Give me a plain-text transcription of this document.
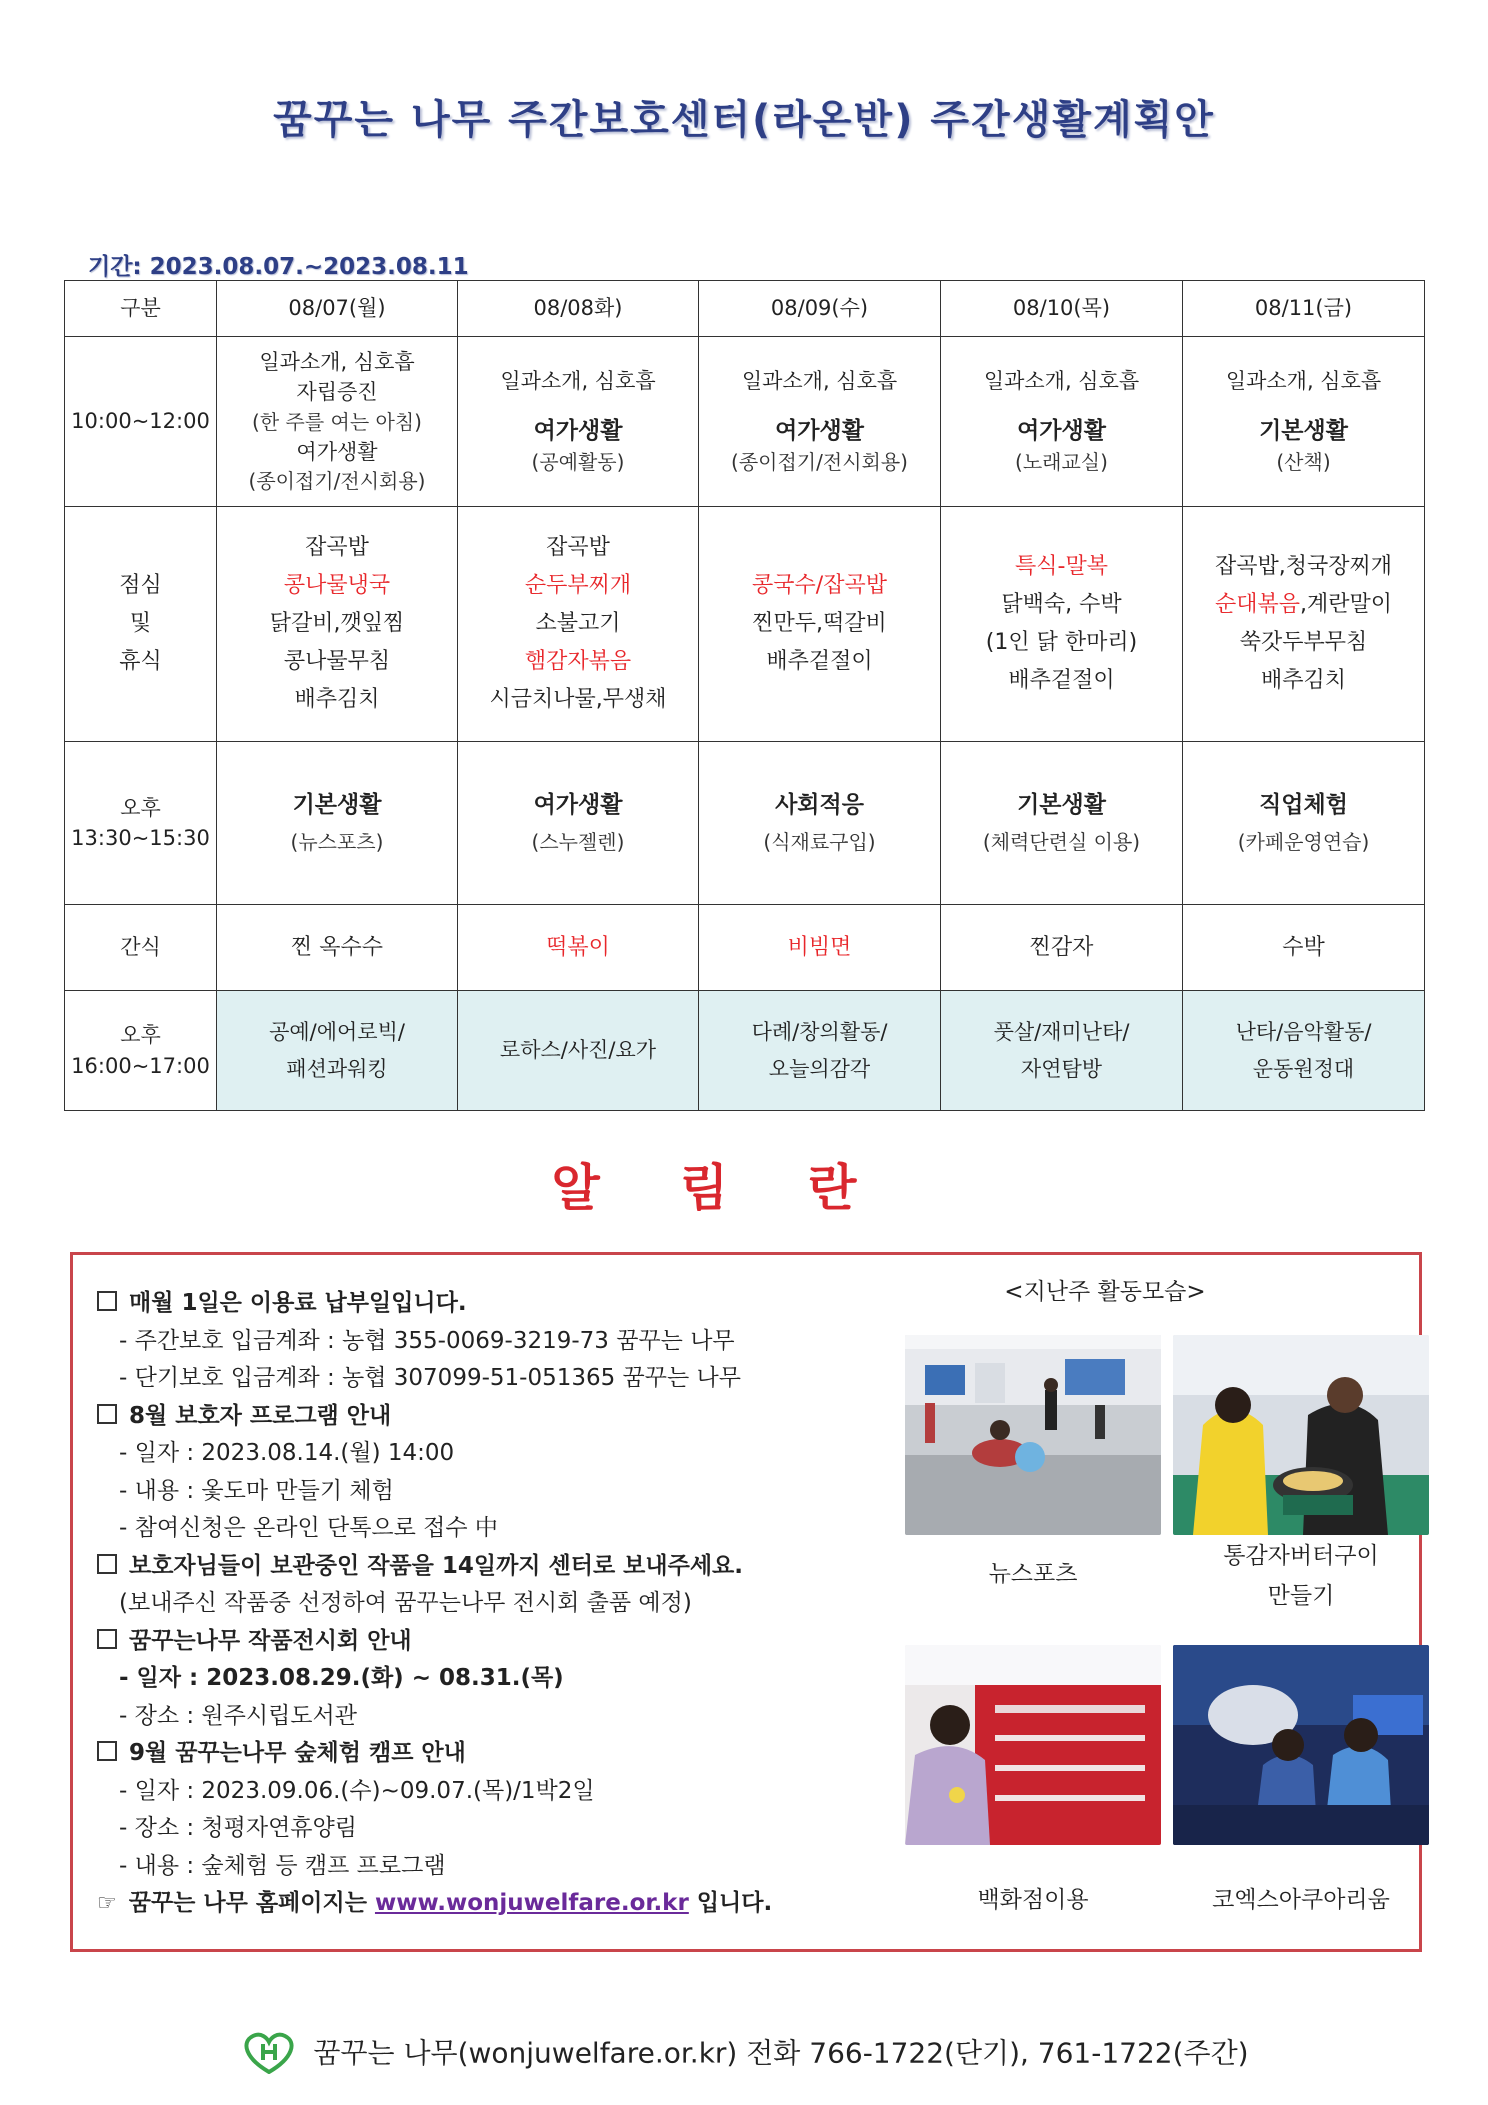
꿈꾸는 나무 주간보호센터(라온반) 주간생활계획안
기간: 2023.08.07.~2023.08.11
구분	08/07(월)	08/08화)	08/09(수)	08/10(목)	08/11(금)
10:00~12:00	일과소개, 심호흡
자립증진
(한 주를 여는 아침)
여가생활
(종이접기/전시회용)	일과소개, 심호흡
여가생활
(공예활동)	일과소개, 심호흡
여가생활
(종이접기/전시회용)	일과소개, 심호흡
여가생활
(노래교실)	일과소개, 심호흡
기본생활
(산책)

점심
및
휴식	잡곡밥
콩나물냉국
닭갈비,깻잎찜
콩나물무침
배추김치	잡곡밥
순두부찌개
소불고기
햄감자볶음
시금치나물,무생채	콩국수/잡곡밥
찐만두,떡갈비
배추겉절이	특식-말복
닭백숙, 수박
(1인 닭 한마리)
배추겉절이	잡곡밥,청국장찌개
순대볶음,계란말이
쑥갓두부무침
배추김치

오후
13:30~15:30	기본생활
(뉴스포츠)	여가생활
(스누젤렌)	사회적응
(식재료구입)	기본생활
(체력단련실 이용)	직업체험
(카페운영연습)

간식	찐 옥수수	떡볶이	비빔면	찐감자	수박

오후
16:00~17:00	공예/에어로빅/
패션과워킹	로하스/사진/요가	다례/창의활동/
오늘의감각	풋살/재미난타/
자연탐방	난타/음악활동/
운동원정대
알림란
매월 1일은 이용료 납부일입니다.
- 주간보호 입금계좌 : 농협 355-0069-3219-73 꿈꾸는 나무
- 단기보호 입금계좌 : 농협 307099-51-051365 꿈꾸는 나무
8월 보호자 프로그램 안내
- 일자 : 2023.08.14.(월) 14:00
- 내용 : 옻도마 만들기 체험
- 참여신청은 온라인 단톡으로 접수 中
보호자님들이 보관중인 작품을 14일까지 센터로 보내주세요.
(보내주신 작품중 선정하여 꿈꾸는나무 전시회 출품 예정)
꿈꾸는나무 작품전시회 안내
- 일자 : 2023.08.29.(화) ~ 08.31.(목)
- 장소 : 원주시립도서관
9월 꿈꾸는나무 숲체험 캠프 안내
- 일자 : 2023.09.06.(수)~09.07.(목)/1박2일
- 장소 : 청평자연휴양림
- 내용 : 숲체험 등 캠프 프로그램
☞ 꿈꾸는 나무 홈페이지는 www.wonjuwelfare.or.kr 입니다.
<지난주 활동모습>
뉴스포츠
통감자버터구이
만들기
백화점이용	코엑스아쿠아리움
꿈꾸는 나무(wonjuwelfare.or.kr) 전화 766-1722(단기), 761-1722(주간)
